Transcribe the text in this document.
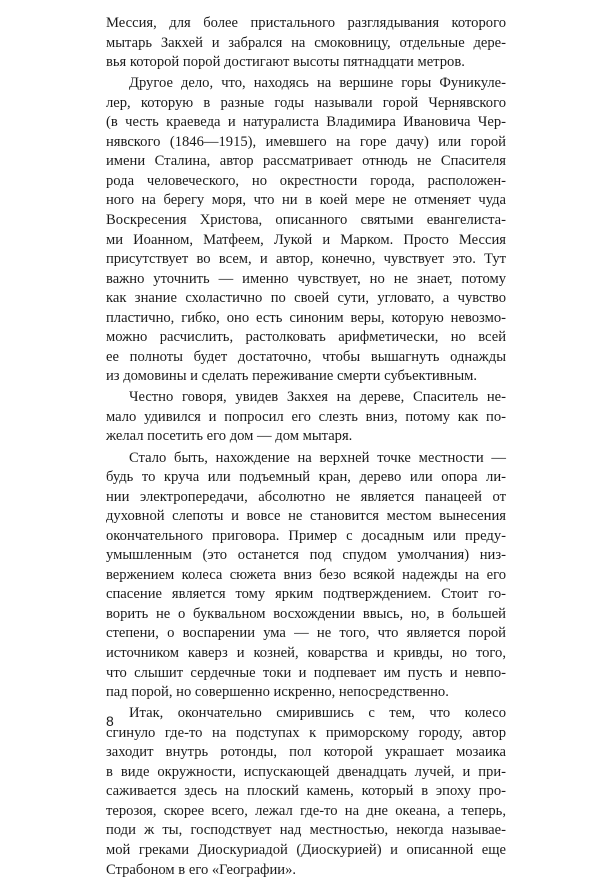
Мессия, для более пристального разглядывания которого
мытарь Закхей и забрался на смоковницу, отдельные дере-
вья которой порой достигают высоты пятнадцати метров.
Другое дело, что, находясь на вершине горы Фуникуле-
лер, которую в разные годы называли горой Чернявского
(в честь краеведа и натуралиста Владимира Ивановича Чер-
нявского (1846—1915), имевшего на горе дачу) или горой
имени Сталина, автор рассматривает отнюдь не Спасителя
рода человеческого, но окрестности города, расположен-
ного на берегу моря, что ни в коей мере не отменяет чуда
Воскресения Христова, описанного святыми евангелиста-
ми Иоанном, Матфеем, Лукой и Марком. Просто Мессия
присутствует во всем, и автор, конечно, чувствует это. Тут
важно уточнить — именно чувствует, но не знает, потому
как знание схоластично по своей сути, угловато, а чувство
пластично, гибко, оно есть синоним веры, которую невозмо-
можно расчислить, растолковать арифметически, но всей
ее полноты будет достаточно, чтобы вышагнуть однажды
из домовины и сделать переживание смерти субъективным.
Честно говоря, увидев Закхея на дереве, Спаситель не-
мало удивился и попросил его слезть вниз, потому как по-
желал посетить его дом — дом мытаря.
Стало быть, нахождение на верхней точке местности —
будь то круча или подъемный кран, дерево или опора ли-
нии электропередачи, абсолютно не является панацеей от
духовной слепоты и вовсе не становится местом вынесения
окончательного приговора. Пример с досадным или преду-
умышленным (это останется под спудом умолчания) низ-
вержением колеса сюжета вниз безо всякой надежды на его
спасение является тому ярким подтверждением. Стоит го-
ворить не о буквальном восхождении ввысь, но, в большей
степени, о воспарении ума — не того, что является порой
источником каверз и козней, коварства и кривды, но того,
что слышит сердечные токи и подпевает им пусть и невпо-
пад порой, но совершенно искренно, непосредственно.
Итак, окончательно смирившись с тем, что колесо
сгинуло где-то на подступах к приморскому городу, автор
заходит внутрь ротонды, пол которой украшает мозаика
в виде окружности, испускающей двенадцать лучей, и при-
саживается здесь на плоский камень, который в эпоху про-
терозоя, скорее всего, лежал где-то на дне океана, а теперь,
поди ж ты, господствует над местностью, некогда называе-
мой греками Диоскуриадой (Диоскурией) и описанной еще
Страбоном в его «Географии».
8
